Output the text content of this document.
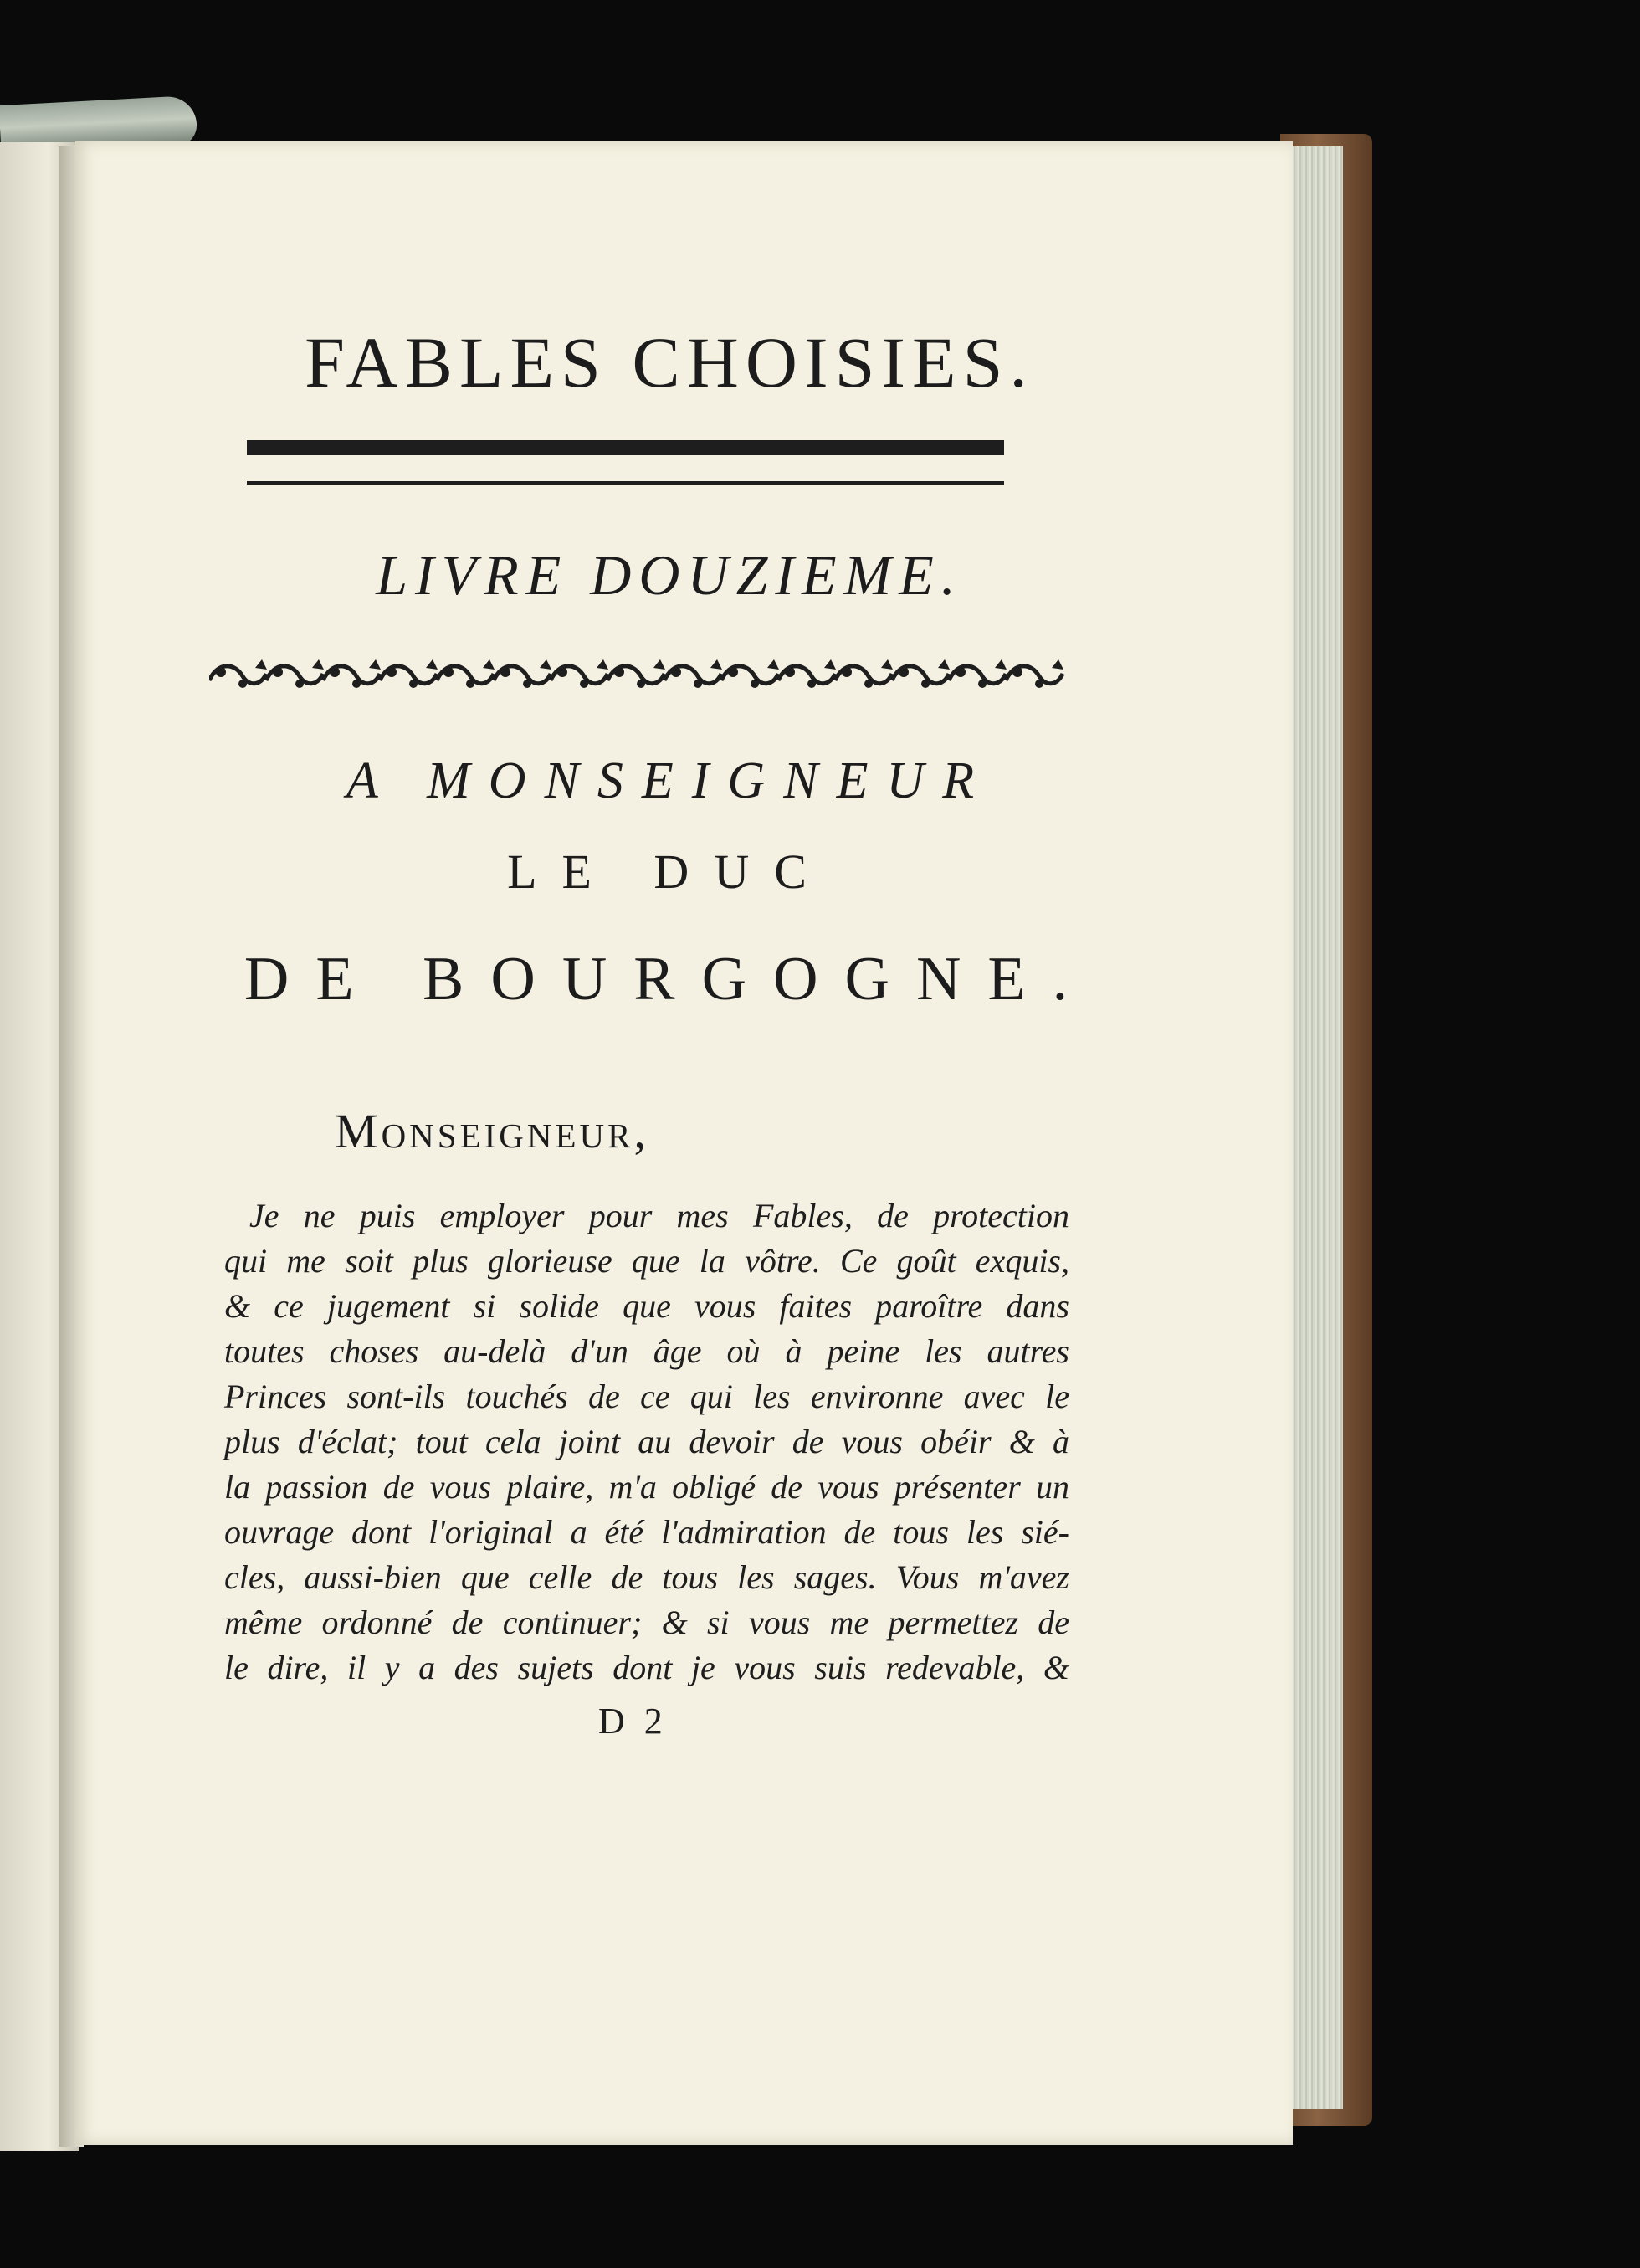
FABLES CHOISIES.
LIVRE DOUZIEME.
A MONSEIGNEUR
LE DUC
DE BOURGOGNE.
Monseigneur,
Je ne puis employer pour mes Fables, de protection
qui me soit plus glorieuse que la vôtre. Ce goût exquis,
& ce jugement si solide que vous faites paroître dans
toutes choses au-delà d'un âge où à peine les autres
Princes sont-ils touchés de ce qui les environne avec le
plus d'éclat; tout cela joint au devoir de vous obéir & à
la passion de vous plaire, m'a obligé de vous présenter un
ouvrage dont l'original a été l'admiration de tous les sié-
cles, aussi-bien que celle de tous les sages. Vous m'avez
même ordonné de continuer; & si vous me permettez de
le dire, il y a des sujets dont je vous suis redevable, &
D 2
